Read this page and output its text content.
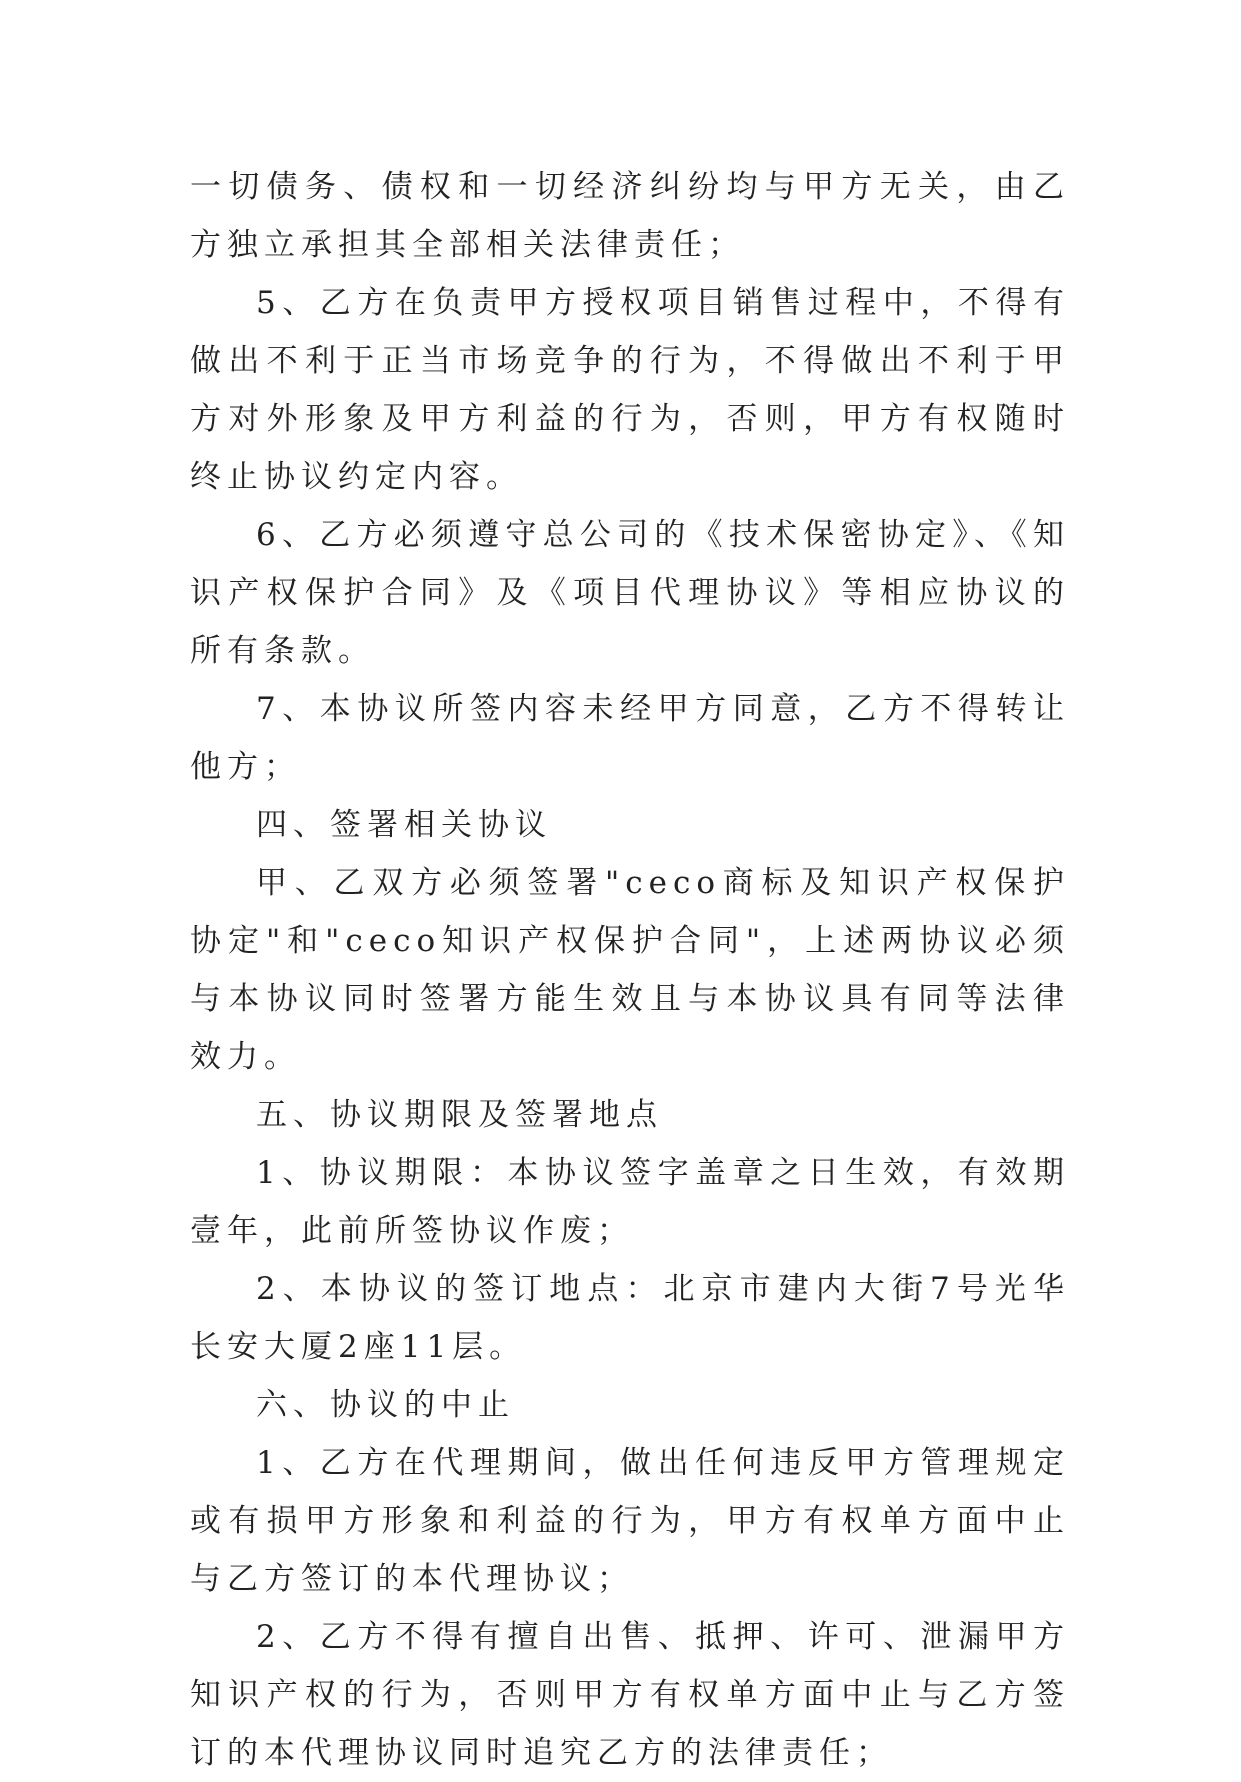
一切债务、债权和一切经济纠纷均与甲方无关，由乙方独立承担其全部相关法律责任；

5、乙方在负责甲方授权项目销售过程中，不得有做出不利于正当市场竞争的行为，不得做出不利于甲方对外形象及甲方利益的行为，否则，甲方有权随时终止协议约定内容。

6、乙方必须遵守总公司的《技术保密协定》、《知识产权保护合同》及《项目代理协议》等相应协议的所有条款。

7、本协议所签内容未经甲方同意，乙方不得转让他方；

四、签署相关协议

甲、乙双方必须签署"ceco商标及知识产权保护协定"和"ceco知识产权保护合同"，上述两协议必须与本协议同时签署方能生效且与本协议具有同等法律效力。

五、协议期限及签署地点

1、协议期限：本协议签字盖章之日生效，有效期壹年，此前所签协议作废；

2、本协议的签订地点：北京市建内大街7号光华长安大厦2座11层。

六、协议的中止

1、乙方在代理期间，做出任何违反甲方管理规定或有损甲方形象和利益的行为，甲方有权单方面中止与乙方签订的本代理协议；

2、乙方不得有擅自出售、抵押、许可、泄漏甲方知识产权的行为，否则甲方有权单方面中止与乙方签订的本代理协议同时追究乙方的法律责任；
